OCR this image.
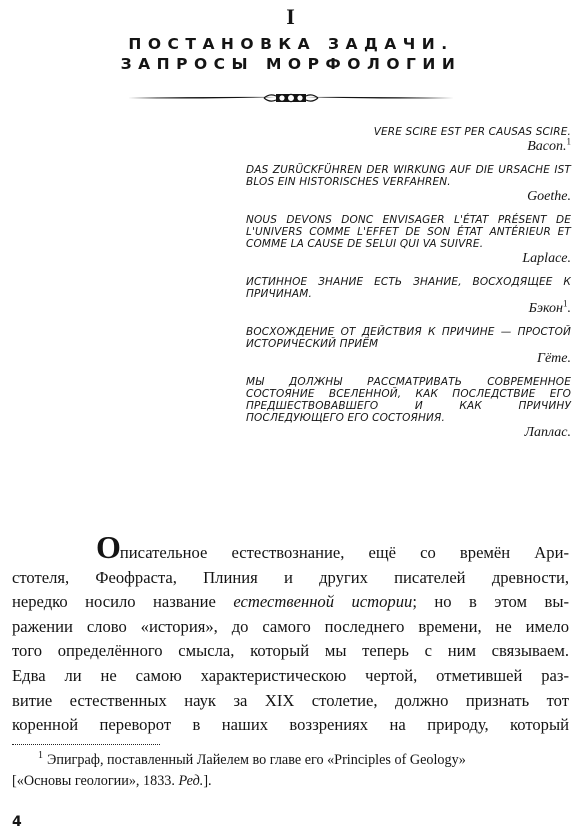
I
ПОСТАНОВКА ЗАДАЧИ.
ЗАПРОСЫ МОРФОЛОГИИ
VERE SCIRE EST PER CAUSAS SCIRE.
Bacon.$^1$
DAS ZURÜCKFÜHREN DER WIRKUNG AUF DIE URSACHE IST BLOS EIN HISTORISCHES VERFAHREN.
Goethe.
NOUS DEVONS DONC ENVISAGER L'ÉTAT PRÉSENT DE L'UNIVERS COMME L'EFFET DE SON ÉTAT ANTÉRIEUR ET COMME LA CAUSE DE SELUI QUI VA SUIVRE.
Laplace.
ИСТИННОЕ ЗНАНИЕ ЕСТЬ ЗНАНИЕ, ВОСХОДЯЩЕЕ К ПРИЧИНАМ.
Бэкон$^1$.
ВОСХОЖДЕНИЕ ОТ ДЕЙСТВИЯ К ПРИЧИНЕ — ПРОСТОЙ ИСТОРИЧЕСКИЙ ПРИЁМ
Гёте.
МЫ ДОЛЖНЫ РАССМАТРИВАТЬ СОВРЕМЕННОЕ СОСТОЯНИЕ ВСЕЛЕННОЙ, КАК ПОСЛЕДСТВИЕ ЕГО ПРЕДШЕСТВОВАВШЕГО И КАК ПРИЧИНУ ПОСЛЕДУЮЩЕГО ЕГО СОСТОЯНИЯ.
Лаплас.
Описательное естествознание, ещё со времён Ари-
стотеля, Феофраста, Плиния и других писателей древности,
нередко носило название естественной истории; но в этом вы-
ражении слово «история», до самого последнего времени, не имело
того определённого смысла, который мы теперь с ним связываем.
Едва ли не самою характеристическою чертой, отметившей раз-
витие естественных наук за XIX столетие, должно признать тот
коренной переворот в наших воззрениях на природу, который
$^1$ Эпиграф, поставленный Лайелем во главе его «Principles of Geology»
[«Основы геологии», 1833. Ред.].
4
